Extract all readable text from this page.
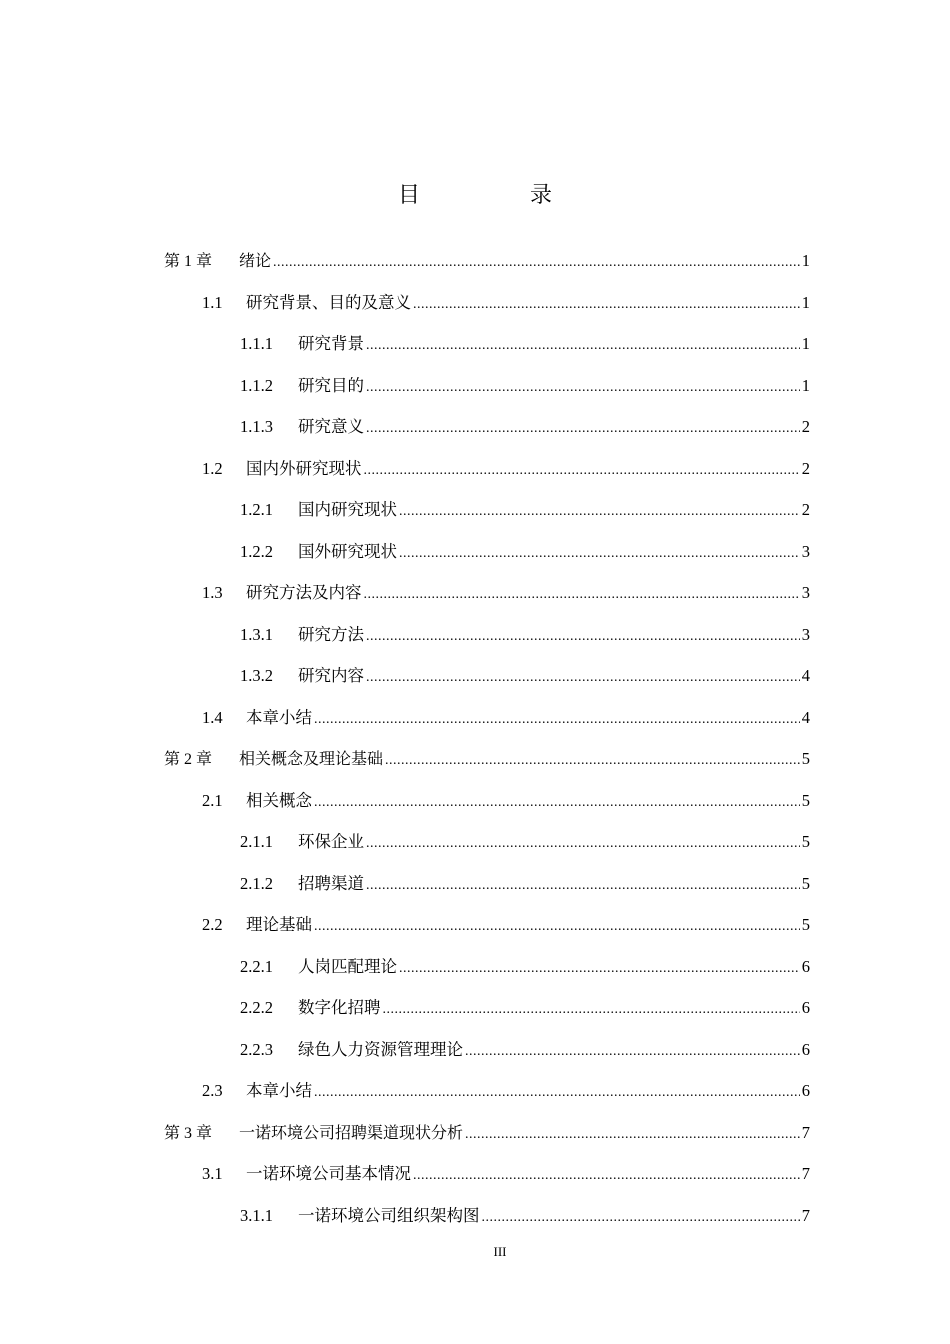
目　录
第 1 章	绪论 .....	1
1.1	研究背景、目的及意义 .....	1
1.1.1	研究背景 .....	1
1.1.2	研究目的 .....	1
1.1.3	研究意义 .....	2
1.2	国内外研究现状 .....	2
1.2.1	国内研究现状 .....	2
1.2.2	国外研究现状 .....	3
1.3	研究方法及内容 .....	3
1.3.1	研究方法 .....	3
1.3.2	研究内容 .....	4
1.4	本章小结 .....	4
第 2 章	相关概念及理论基础 .....	5
2.1	相关概念 .....	5
2.1.1	环保企业 .....	5
2.1.2	招聘渠道 .....	5
2.2	理论基础 .....	5
2.2.1	人岗匹配理论 .....	6
2.2.2	数字化招聘 .....	6
2.2.3	绿色人力资源管理理论 .....	6
2.3	本章小结 .....	6
第 3 章	一诺环境公司招聘渠道现状分析 .....	7
3.1	一诺环境公司基本情况 .....	7
3.1.1	一诺环境公司组织架构图 .....	7
III
